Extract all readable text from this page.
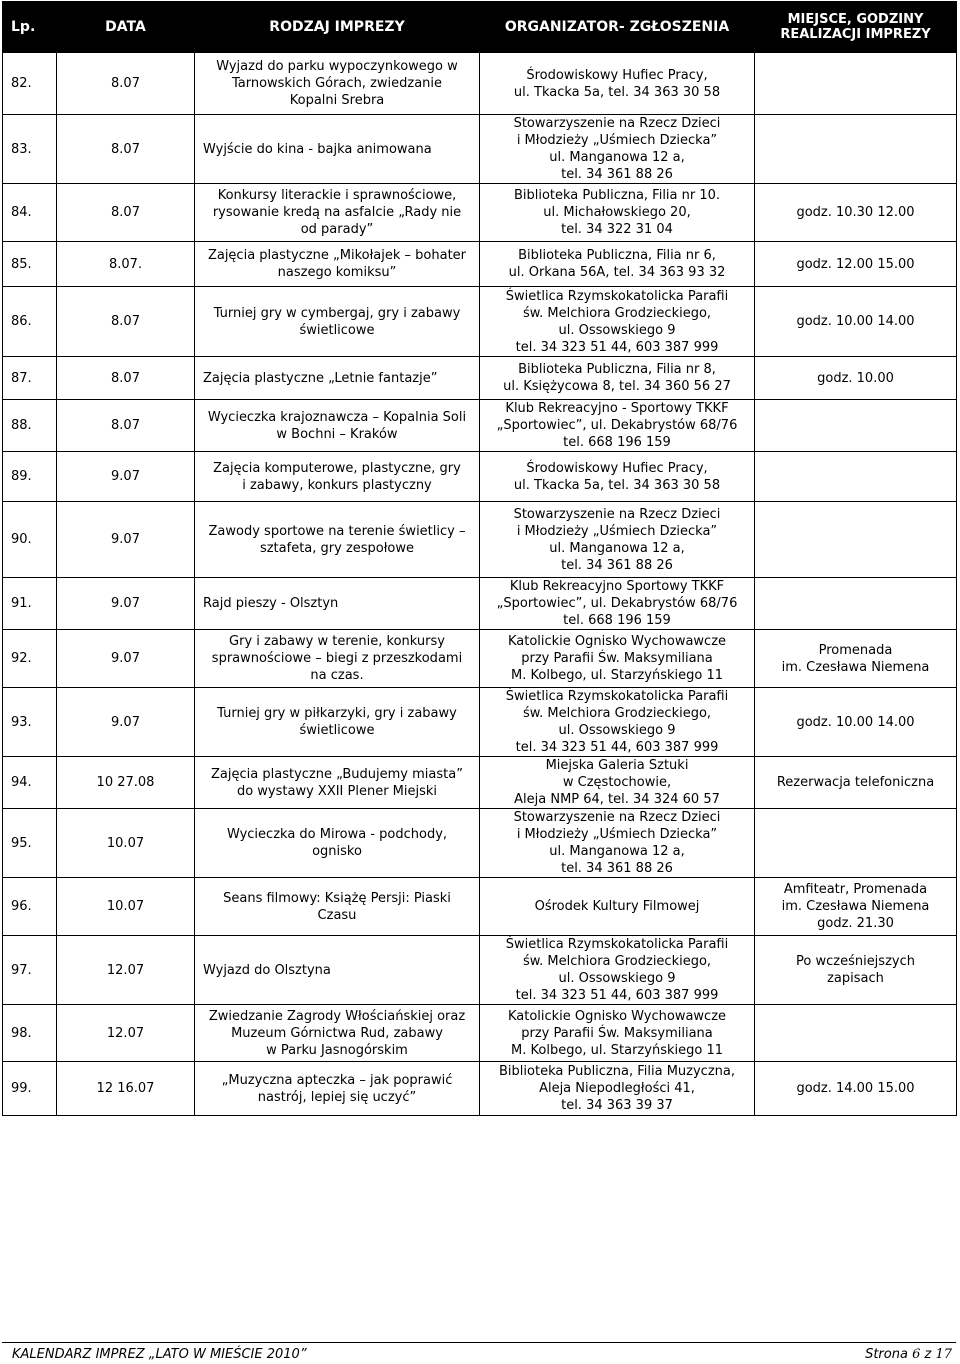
Lp.	DATA	RODZAJ IMPREZY	ORGANIZATOR- ZGŁOSZENIA	MIEJSCE, GODZINY
REALIZACJI IMPREZY

82.	8.07	Wyjazd do parku wypoczynkowego w
Tarnowskich Górach, zwiedzanie
Kopalni Srebra	Środowiskowy Hufiec Pracy,
ul. Tkacka 5a, tel. 34 363 30 58	

83.	8.07	Wyjście do kina - bajka animowana	Stowarzyszenie na Rzecz Dzieci
i Młodzieży „Uśmiech Dziecka”
ul. Manganowa 12 a,
tel. 34 361 88 26	

84.	8.07	Konkursy literackie i sprawnościowe,
rysowanie kredą na asfalcie „Rady nie
od parady”	Biblioteka Publiczna, Filia nr 10.
ul. Michałowskiego 20,
tel. 34 322 31 04	godz. 10.30 12.00

85.	8.07.	Zajęcia plastyczne „Mikołajek – bohater
naszego komiksu”	Biblioteka Publiczna, Filia nr 6,
ul. Orkana 56A, tel. 34 363 93 32	godz. 12.00 15.00

86.	8.07	Turniej gry w cymbergaj, gry i zabawy
świetlicowe	Świetlica Rzymskokatolicka Parafii
św. Melchiora Grodzieckiego,
ul. Ossowskiego 9
tel. 34 323 51 44, 603 387 999	godz. 10.00 14.00

87.	8.07	Zajęcia plastyczne „Letnie fantazje”	Biblioteka Publiczna, Filia nr 8,
ul. Księżycowa 8, tel. 34 360 56 27	godz. 10.00

88.	8.07	Wycieczka krajoznawcza – Kopalnia Soli
w Bochni – Kraków	Klub Rekreacyjno - Sportowy TKKF
„Sportowiec”, ul. Dekabrystów 68/76
tel. 668 196 159	

89.	9.07	Zajęcia komputerowe, plastyczne, gry
i zabawy, konkurs plastyczny	Środowiskowy Hufiec Pracy,
ul. Tkacka 5a, tel. 34 363 30 58	

90.	9.07	Zawody sportowe na terenie świetlicy –
sztafeta, gry zespołowe	Stowarzyszenie na Rzecz Dzieci
i Młodzieży „Uśmiech Dziecka”
ul. Manganowa 12 a,
tel. 34 361 88 26	

91.	9.07	Rajd pieszy - Olsztyn	Klub Rekreacyjno Sportowy TKKF
„Sportowiec”, ul. Dekabrystów 68/76
tel. 668 196 159	

92.	9.07	Gry i zabawy w terenie, konkursy
sprawnościowe – biegi z przeszkodami
na czas.	Katolickie Ognisko Wychowawcze
przy Parafii Św. Maksymiliana
M. Kolbego, ul. Starzyńskiego 11	Promenada
im. Czesława Niemena

93.	9.07	Turniej gry w piłkarzyki, gry i zabawy
świetlicowe	Świetlica Rzymskokatolicka Parafii
św. Melchiora Grodzieckiego,
ul. Ossowskiego 9
tel. 34 323 51 44, 603 387 999	godz. 10.00 14.00

94.	10 27.08	Zajęcia plastyczne „Budujemy miasta”
do wystawy XXII Plener Miejski	Miejska Galeria Sztuki
w Częstochowie,
Aleja NMP 64, tel. 34 324 60 57	Rezerwacja telefoniczna

95.	10.07	Wycieczka do Mirowa - podchody,
ognisko	Stowarzyszenie na Rzecz Dzieci
i Młodzieży „Uśmiech Dziecka”
ul. Manganowa 12 a,
tel. 34 361 88 26	

96.	10.07	Seans filmowy: Książę Persji: Piaski
Czasu	Ośrodek Kultury Filmowej	Amfiteatr, Promenada
im. Czesława Niemena
godz. 21.30

97.	12.07	Wyjazd do Olsztyna	Świetlica Rzymskokatolicka Parafii
św. Melchiora Grodzieckiego,
ul. Ossowskiego 9
tel. 34 323 51 44, 603 387 999	Po wcześniejszych
zapisach

98.	12.07	Zwiedzanie Zagrody Włościańskiej oraz
Muzeum Górnictwa Rud, zabawy
w Parku Jasnogórskim	Katolickie Ognisko Wychowawcze
przy Parafii Św. Maksymiliana
M. Kolbego, ul. Starzyńskiego 11	

99.	12 16.07	„Muzyczna apteczka – jak poprawić
nastrój, lepiej się uczyć”	Biblioteka Publiczna, Filia Muzyczna,
Aleja Niepodległości 41,
tel. 34 363 39 37	godz. 14.00 15.00
KALENDARZ IMPREZ „LATO W MIEŚCIE 2010”	Strona 6 z 17
